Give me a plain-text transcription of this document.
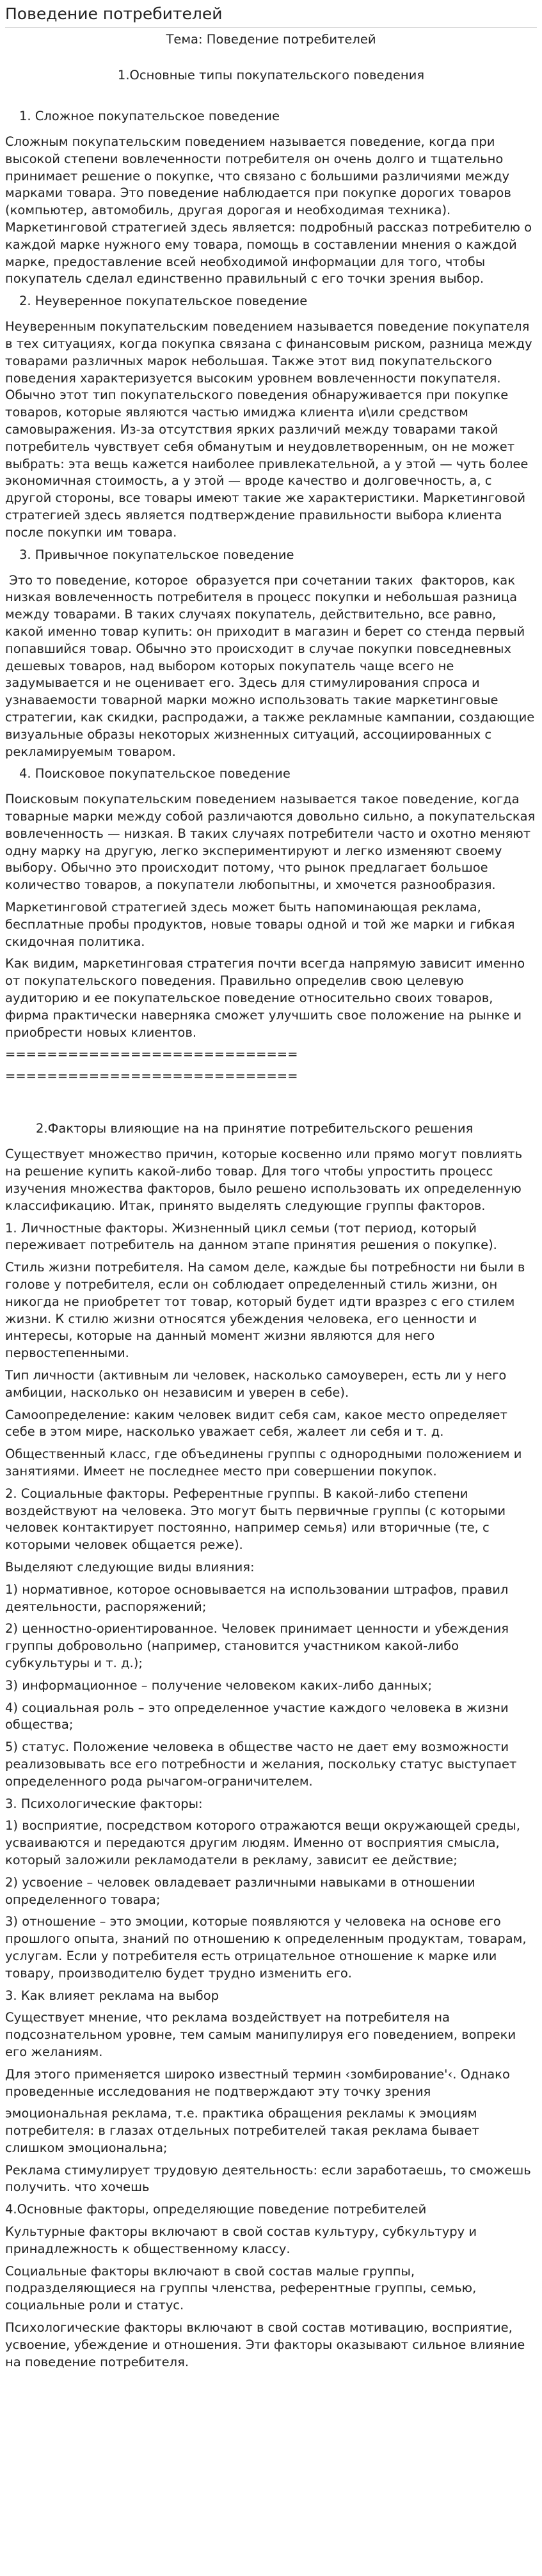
Поведение потребителей
Тема: Поведение потребителей
1.Основные типы покупательского поведения
1. Сложное покупательское поведение

Сложным покупательским поведением называется поведение, когда при высокой степени вовлеченности потребителя он очень долго и тщательно принимает решение о покупке, что связано с большими различиями между марками товара. Это поведение наблюдается при покупке дорогих товаров (компьютер, автомобиль, другая дорогая и необходимая техника). Маркетинговой стратегией здесь является: подробный рассказ потребителю о каждой марке нужного ему товара, помощь в составлении мнения о каждой марке, предоставление всей необходимой информации для того, чтобы покупатель сделал единственно правильный с его точки зрения выбор.

2. Неуверенное покупательское поведение

Неуверенным покупательским поведением называется поведение покупателя в тех ситуациях, когда покупка связана с финансовым риском, разница между товарами различных марок небольшая. Также этот вид покупательского поведения характеризуется высоким уровнем вовлеченности покупателя. Обычно этот тип покупательского поведения обнаруживается при покупке товаров, которые являются частью имиджа клиента и\или средством самовыражения. Из-за отсутствия ярких различий между товарами такой потребитель чувствует себя обманутым и неудовлетворенным, он не может выбрать: эта вещь кажется наиболее привлекательной, а у этой — чуть более экономичная стоимость, а у этой — вроде качество и долговечность, а, с другой стороны, все товары имеют такие же характеристики. Маркетинговой стратегией здесь является подтверждение правильности выбора клиента после покупки им товара.

3. Привычное покупательское поведение

Это то поведение, которое  образуется при сочетании таких  факторов, как низкая вовлеченность потребителя в процесс покупки и небольшая разница между товарами. В таких случаях покупатель, действительно, все равно, какой именно товар купить: он приходит в магазин и берет со стенда первый попавшийся товар. Обычно это происходит в случае покупки повседневных дешевых товаров, над выбором которых покупатель чаще всего не задумывается и не оценивает его. Здесь для стимулирования спроса и узнаваемости товарной марки можно использовать такие маркетинговые стратегии, как скидки, распродажи, а также рекламные кампании, создающие визуальные образы некоторых жизненных ситуаций, ассоциированных с рекламируемым товаром.

4. Поисковое покупательское поведение

Поисковым покупательским поведением называется такое поведение, когда товарные марки между собой различаются довольно сильно, а покупательская вовлеченность — низкая. В таких случаях потребители часто и охотно меняют одну марку на другую, легко экспериментируют и легко изменяют своему выбору. Обычно это происходит потому, что рынок предлагает большое количество товаров, а покупатели любопытны, и хмочется разнообразия.

Маркетинговой стратегией здесь может быть напоминающая реклама, бесплатные пробы продуктов, новые товары одной и той же марки и гибкая скидочная политика.

Как видим, маркетинговая стратегия почти всегда напрямую зависит именно от покупательского поведения. Правильно определив свою целевую аудиторию и ее покупательское поведение относительно своих товаров, фирма практически наверняка сможет улучшить свое положение на рынке и приобрести новых клиентов.

============================
============================
2.Факторы влияющие на на принятие потребительского решения

Существует множество причин, которые косвенно или прямо могут повлиять на решение купить какой-либо товар. Для того чтобы упростить процесс изучения множества факторов, было решено использовать их определенную классификацию. Итак, принято выделять следующие группы факторов.

1. Личностные факторы. Жизненный цикл семьи (тот период, который переживает потребитель на данном этапе принятия решения о покупке).

Стиль жизни потребителя. На самом деле, каждые бы потребности ни были в голове у потребителя, если он соблюдает определенный стиль жизни, он никогда не приобретет тот товар, который будет идти вразрез с его стилем жизни. К стилю жизни относятся убеждения человека, его ценности и интересы, которые на данный момент жизни являются для него первостепенными.

Тип личности (активным ли человек, насколько самоуверен, есть ли у него амбиции, насколько он независим и уверен в себе).

Самоопределение: каким человек видит себя сам, какое место определяет себе в этом мире, насколько уважает себя, жалеет ли себя и т. д.

Общественный класс, где объединены группы с однородными положением и занятиями. Имеет не последнее место при совершении покупок.

2. Социальные факторы. Референтные группы. В какой-либо степени воздействуют на человека. Это могут быть первичные группы (с которыми человек контактирует постоянно, например семья) или вторичные (те, с которыми человек общается реже).

Выделяют следующие виды влияния:

1) нормативное, которое основывается на использовании штрафов, правил деятельности, распоряжений;

2) ценностно-ориентированное. Человек принимает ценности и убеждения группы добровольно (например, становится участником какой-либо субкультуры и т. д.);

3) информационное – получение человеком каких-либо данных;

4) социальная роль – это определенное участие каждого человека в жизни общества;

5) статус. Положение человека в обществе часто не дает ему возможности реализовывать все его потребности и желания, поскольку статус выступает определенного рода рычагом-ограничителем.

3. Психологические факторы:

1) восприятие, посредством которого отражаются вещи окружающей среды, усваиваются и передаются другим людям. Именно от восприятия смысла, который заложили рекламодатели в рекламу, зависит ее действие;

2) усвоение – человек овладевает различными навыками в отношении определенного товара;

3) отношение – это эмоции, которые появляются у человека на основе его прошлого опыта, знаний по отношению к определенным продуктам, товарам, услугам. Если у потребителя есть отрицательное отношение к марке или товару, производителю будет трудно изменить его.

3. Как влияет реклама на выбор

Существует мнение, что реклама воздействует на потребителя на подсознательном уровне, тем самым манипулируя его поведением, вопреки его желаниям.

Для этого применяется широко известный термин ‹зомбирование'‹. Однако проведенные исследования не подтверждают эту точку зрения

эмоциональная реклама, т.е. практика обращения рекламы к эмоциям потребителя: в глазах отдельных потребителей такая реклама бывает слишком эмоциональна;

Реклама стимулирует трудовую деятельность: если заработаешь, то сможешь получить. что хочешь

4.Основные факторы, определяющие поведение потребителей

Культурные факторы включают в свой состав культуру, субкультуру и принадлежность к общественному классу.

Социальные факторы включают в свой состав малые группы, подразделяющиеся на группы членства, референтные группы, семью, социальные роли и статус.

Психологические факторы включают в свой состав мотивацию, восприятие, усвоение, убеждение и отношения. Эти факторы оказывают сильное влияние на поведение потребителя.
